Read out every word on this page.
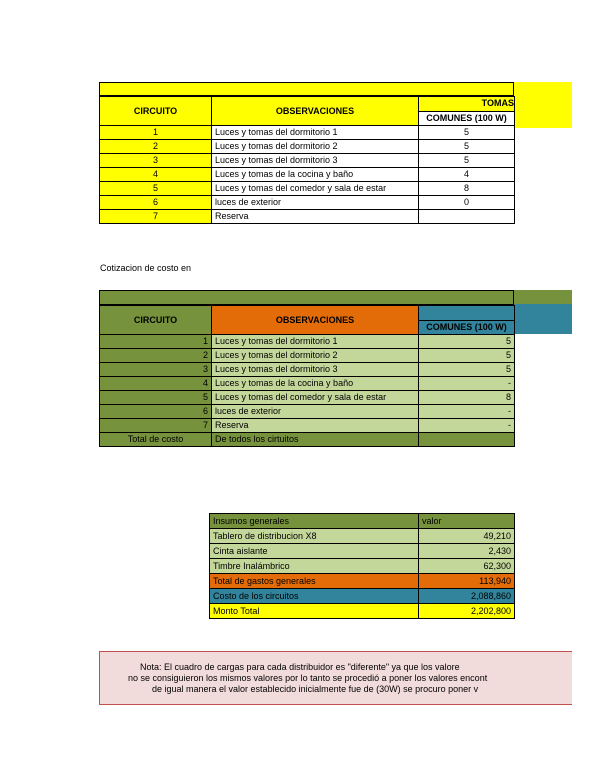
CIRCUITO	OBSERVACIONES	TOMAS
		COMUNES (100 W)
1	Luces y tomas del dormitorio 1	5
2	Luces y tomas del dormitorio 2	5
3	Luces y tomas del dormitorio 3	5
4	Luces y tomas de la cocina y baño	4
5	Luces y tomas del comedor y sala de estar	8
6	luces de exterior	0
7	Reserva	
Cotizacion de costo en
CIRCUITO	OBSERVACIONES	
		COMUNES (100 W)
1	Luces y tomas del dormitorio 1	5
2	Luces y tomas del dormitorio 2	5
3	Luces y tomas del dormitorio 3	5
4	Luces y tomas de la cocina y baño	-
5	Luces y tomas del comedor y sala de estar	8
6	luces de exterior	-
7	Reserva	-
Total de costo	De todos los cirtuitos	
Insumos generales	valor
Tablero de distribucion X8	49,210
Cinta aislante	2,430
Timbre Inalámbrico	62,300
Total de gastos generales	113,940
Costo de los circuitos	2,088,860
Monto Total	2,202,800
Nota: El cuadro de cargas para cada distribuidor es "diferente" ya que los valore
no se consiguieron los mismos valores por lo tanto se procedió a poner los valores encont
de igual manera el valor establecido inicialmente fue de (30W) se procuro poner v
